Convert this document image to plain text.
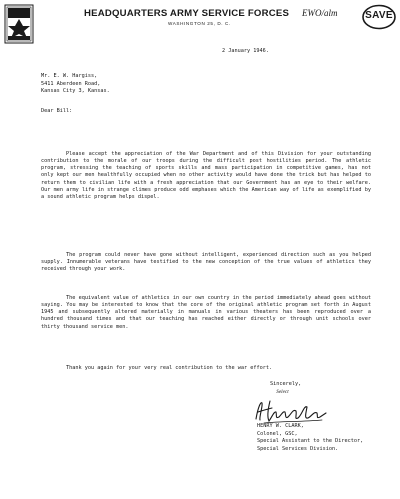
SAVE
HEADQUARTERS ARMY SERVICE FORCES EWO/alm
WASHINGTON 25, D. C.
2 January 1946.
Mr. E. W. Hargiss,
5411 Aberdeen Road,
Kansas City 3, Kansas.
Dear Bill:
Please accept the appreciation of the War Department and of this Division for your outstanding contribution to the morale of our troops during the difficult post hostilities period. The athletic program, stressing the teaching of sports skills and mass participation in competitive games, has not only kept our men healthfully occupied when no other activity would have done the trick but has helped to return them to civilian life with a fresh appreciation that our Government has an eye to their welfare. Our men army life in strange climes produce odd emphases which the American way of life as exemplified by a sound athletic program helps dispel.
The program could never have gone without intelligent, experienced direction such as you helped supply. Innumerable veterans have testified to the new conception of the true values of athletics they received through your work.
The equivalent value of athletics in our own country in the period immediately ahead goes without saying. You may be interested to know that the core of the original athletic program set forth in August 1945 and subsequently altered materially in manuals in various theaters has been reproduced over a hundred thousand times and that our teaching has reached either directly or through unit schools over thirty thousand service men.
Thank you again for your very real contribution to the war effort.
Sincerely,
Select
HENRY W. CLARK,
Colonel, GSC,
Special Assistant to the Director,
Special Services Division.
